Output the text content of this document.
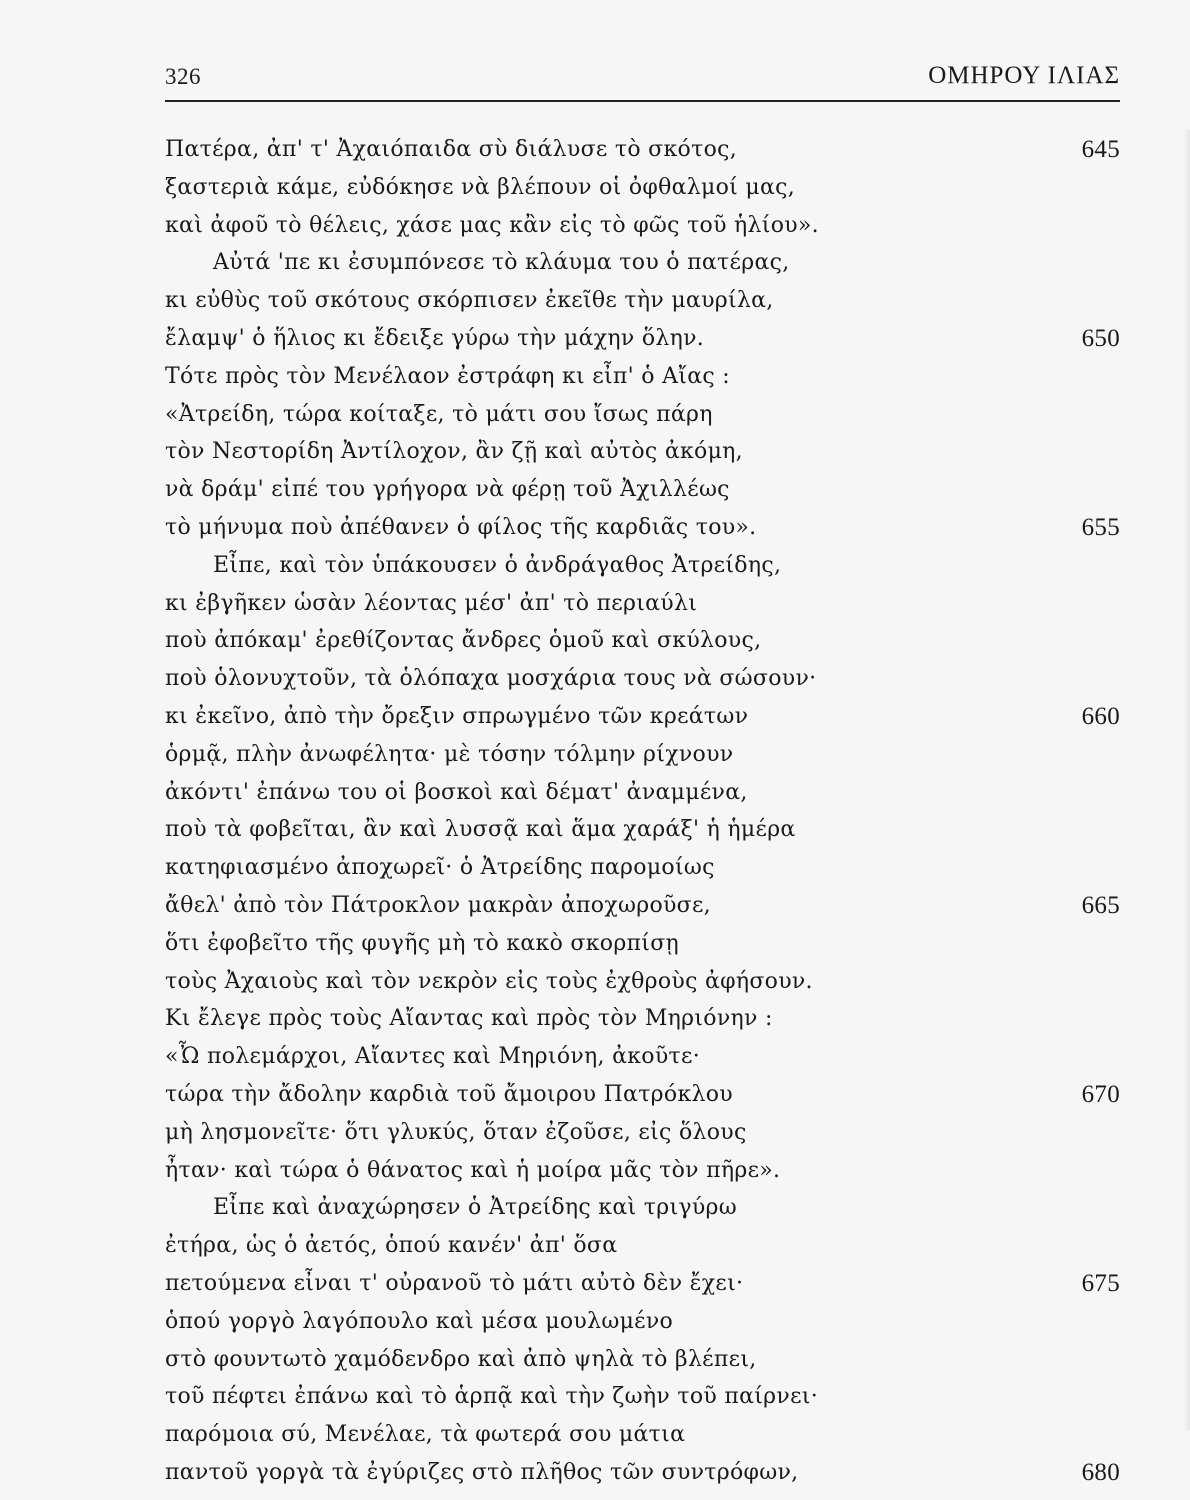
326	ΟΜΗΡΟΥ ΙΛΙΑΣ
Πατέρα, ἀπ' τ' Ἀχαιόπαιδα σὺ διάλυσε τὸ σκότος,	645
ξαστεριὰ κάμε, εὐδόκησε νὰ βλέπουν οἱ ὀφθαλμοί μας,
καὶ ἀφοῦ τὸ θέλεις, χάσε μας κἂν εἰς τὸ φῶς τοῦ ἡλίου».
Αὐτά 'πε κι ἐσυμπόνεσε τὸ κλάυμα του ὁ πατέρας,
κι εὐθὺς τοῦ σκότους σκόρπισεν ἐκεῖθε τὴν μαυρίλα,
ἔλαμψ' ὁ ἥλιος κι ἔδειξε γύρω τὴν μάχην ὅλην.	650
Τότε πρὸς τὸν Μενέλαον ἐστράφη κι εἶπ' ὁ Αἴας :
«Ἀτρείδη, τώρα κοίταξε, τὸ μάτι σου ἴσως πάρη
τὸν Νεστορίδη Ἀντίλοχον, ἂν ζῇ καὶ αὐτὸς ἀκόμη,
νὰ δράμ' εἰπέ του γρήγορα νὰ φέρῃ τοῦ Ἀχιλλέως
τὸ μήνυμα ποὺ ἀπέθανεν ὁ φίλος τῆς καρδιᾶς του».	655
Εἶπε, καὶ τὸν ὑπάκουσεν ὁ ἀνδράγαθος Ἀτρείδης,
κι ἐβγῆκεν ὡσὰν λέοντας μέσ' ἀπ' τὸ περιαύλι
ποὺ ἀπόκαμ' ἐρεθίζοντας ἄνδρες ὁμοῦ καὶ σκύλους,
ποὺ ὁλονυχτοῦν, τὰ ὁλόπαχα μοσχάρια τους νὰ σώσουν·
κι ἐκεῖνο, ἀπὸ τὴν ὄρεξιν σπρωγμένο τῶν κρεάτων	660
ὁρμᾷ, πλὴν ἀνωφέλητα· μὲ τόσην τόλμην ρίχνουν
ἀκόντι' ἐπάνω του οἱ βοσκοὶ καὶ δέματ' ἀναμμένα,
ποὺ τὰ φοβεῖται, ἂν καὶ λυσσᾷ καὶ ἅμα χαράξ' ἡ ἡμέρα
κατηφιασμένο ἀποχωρεῖ· ὁ Ἀτρείδης παρομοίως
ἄθελ' ἀπὸ τὸν Πάτροκλον μακρὰν ἀποχωροῦσε,	665
ὅτι ἐφοβεῖτο τῆς φυγῆς μὴ τὸ κακὸ σκορπίσῃ
τοὺς Ἀχαιοὺς καὶ τὸν νεκρὸν εἰς τοὺς ἐχθροὺς ἀφήσουν.
Κι ἔλεγε πρὸς τοὺς Αἴαντας καὶ πρὸς τὸν Μηριόνην :
«Ὦ πολεμάρχοι, Αἴαντες καὶ Μηριόνη, ἀκοῦτε·
τώρα τὴν ἄδολην καρδιὰ τοῦ ἄμοιρου Πατρόκλου	670
μὴ λησμονεῖτε· ὅτι γλυκύς, ὅταν ἐζοῦσε, εἰς ὅλους
ἦταν· καὶ τώρα ὁ θάνατος καὶ ἡ μοίρα μᾶς τὸν πῆρε».
Εἶπε καὶ ἀναχώρησεν ὁ Ἀτρείδης καὶ τριγύρω
ἐτήρα, ὡς ὁ ἀετός, ὁπού κανέν' ἀπ' ὅσα
πετούμενα εἶναι τ' οὐρανοῦ τὸ μάτι αὐτὸ δὲν ἔχει·	675
ὁπού γοργὸ λαγόπουλο καὶ μέσα μουλωμένο
στὸ φουντωτὸ χαμόδενδρο καὶ ἀπὸ ψηλὰ τὸ βλέπει,
τοῦ πέφτει ἐπάνω καὶ τὸ ἁρπᾷ καὶ τὴν ζωὴν τοῦ παίρνει·
παρόμοια σύ, Μενέλαε, τὰ φωτερά σου μάτια
παντοῦ γοργὰ τὰ ἐγύριζες στὸ πλῆθος τῶν συντρόφων,	680
